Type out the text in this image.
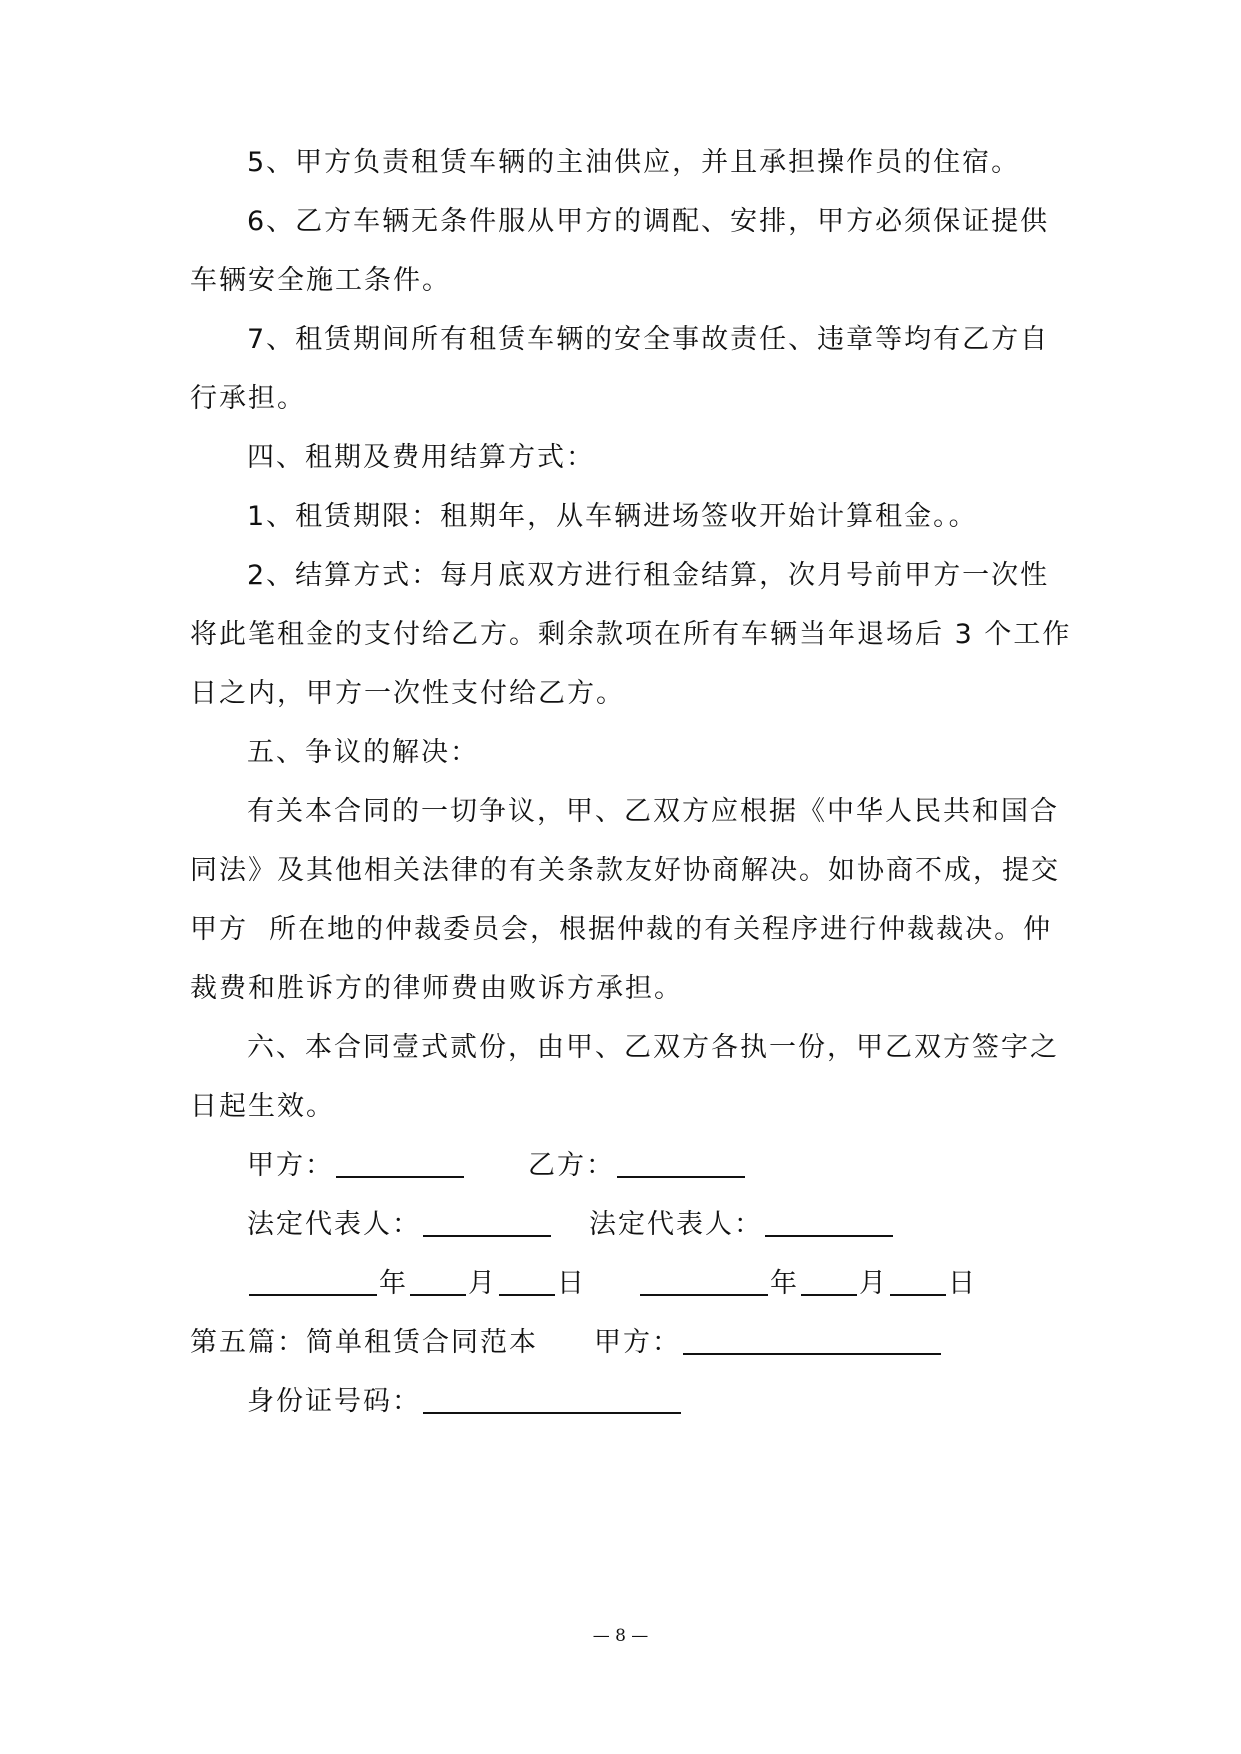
5、甲方负责租赁车辆的主油供应，并且承担操作员的住宿。
6、乙方车辆无条件服从甲方的调配、安排，甲方必须保证提供
车辆安全施工条件。
7、租赁期间所有租赁车辆的安全事故责任、违章等均有乙方自
行承担。
四、租期及费用结算方式：
1、租赁期限：租期年，从车辆进场签收开始计算租金。。
2、结算方式：每月底双方进行租金结算，次月号前甲方一次性
将此笔租金的支付给乙方。剩余款项在所有车辆当年退场后 3 个工作
日之内，甲方一次性支付给乙方。
五、争议的解决：
有关本合同的一切争议，甲、乙双方应根据《中华人民共和国合
同法》及其他相关法律的有关条款友好协商解决。如协商不成，提交
甲方  所在地的仲裁委员会，根据仲裁的有关程序进行仲裁裁决。仲
裁费和胜诉方的律师费由败诉方承担。
六、本合同壹式贰份，由甲、乙双方各执一份，甲乙双方签字之
日起生效。
甲方：	乙方：
法定代表人：	法定代表人：
年 月 日	年 月 日
第五篇：简单租赁合同范本 甲方：
身份证号码：
— 8 —
